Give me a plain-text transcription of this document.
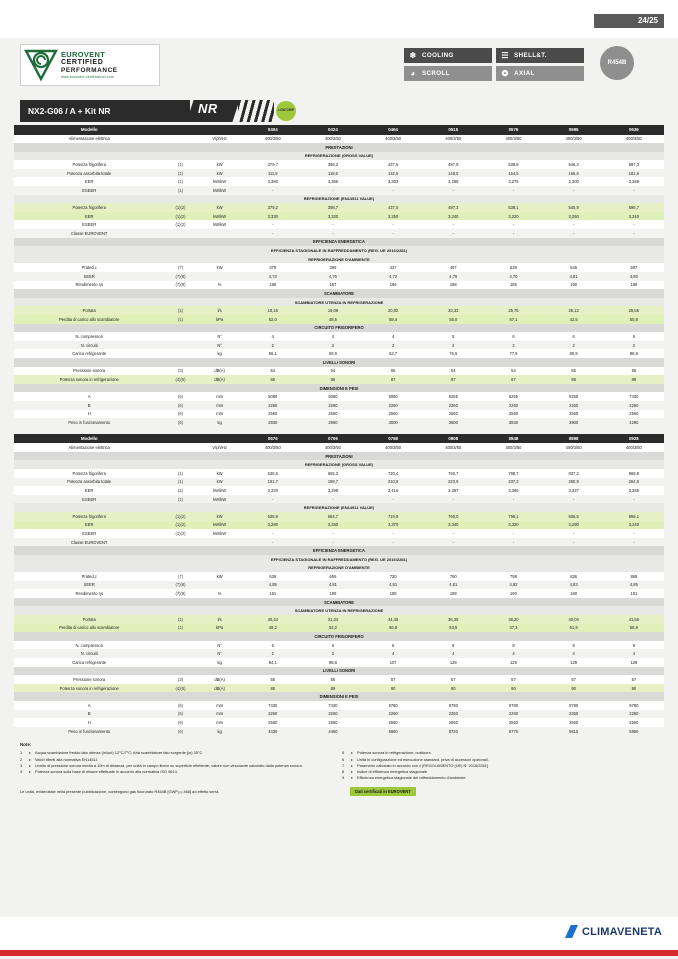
24/25
EUROVENT
CERTIFIED
PERFORMANCE
www.eurovent-certification.com
❄ COOLING
	☰ SHELL&T.

◕	SCROLL
	❂ AXIAL
R454B
NX2-G06 / A + Kit NR	NR	LOW GWP
Modello			0404	0424	0464	0515	0576	0585	0636
Alimentazione elettrica		V/ph/Hz	400/3/50	400/3/50	400/3/50	400/3/50	400/3/50	400/3/50	400/3/50
PRESTAZIONI									
REFRIGERAZIONE (GROSS VALUE)									
Potenza frigorifera	(1)	kW	379,7	399,2	437,6	487,8	538,8	546,4	597,3
Potenza assorbita totale	(1)	kW	111,9	118,6	132,5	148,5	164,5	165,6	181,6
EER	(1)	kW/kW	3,380	3,366	3,303	3,285	3,275	3,300	3,289
ESEER	(1)	kW/kW	-	-	-	-	-	-	-
REFRIGERAZIONE (EN14511 VALUE)									
Potenza frigorifera	(1)(2)	kW	379,2	398,7	437,0	487,3	538,1	545,9	596,7
EER	(1)(2)	kW/kW	3,330	3,320	3,250	3,240	3,220	3,260	3,240
ESEER	(1)(2)	kW/kW	-	-	-	-	-	-	-
Classe EUROVENT			-	-	-	-	-	-	-
EFFICIENZA ENERGETICA									
EFFICIENZA STAGIONALE IN RAFFREDDAMENTO (REG. UE 2016/2281)									
REFRIGERAZIONE D'AMBIENTE									
Prated,c	(7)	kW	379	399	437	487	538	546	597
SEER	(7)(8)		4,73	4,76	4,72	4,76	4,70	4,81	4,80
Rendimento ηs	(7)(9)	%	186	187	186	188	185	190	189
SCAMBIATORE									
SCAMBIATORE UTENZA IN REFRIGERAZIONE									
Portata	(1)	l/s	18,16	19,09	20,92	23,33	25,76	26,13	28,56
Perdita di carico allo scambiatore	(1)	kPa	62,0	48,6	58,4	55,0	67,1	42,5	50,8
CIRCUITO FRIGORIFERO									
N. compressori		N°	4	4	4	5	6	6	6
N. circuiti		N°	2	2	2	2	2	2	2
Carica refrigerante		kg	56,1	59,9	62,7	76,5	77,9	80,8	88,8
LIVELLI SONORI									
Pressione sonora	(3)	dB(A)	54	54	55	54	54	55	55
Potenza sonora in refrigerazione	(4)(5)	dB(A)	86	86	87	87	87	88	88
DIMENSIONI E PESI									
A	(6)	mm	5080	5080	5080	6255	6255	6255	7430
B	(6)	mm	2260	2260	2260	2260	2260	2260	2260
H	(6)	mm	2560	2560	2560	2560	2560	2560	2560
Peso in funzionamento	(6)	kg	2930	2960	3000	3600	3830	3900	4290
Modello			0676	0706	0768	0808	0848	0898	0928
Alimentazione elettrica		V/ph/Hz	400/3/50	400/3/50	400/3/50	400/3/50	400/3/50	400/3/50	400/3/50
PRESTAZIONI									
REFRIGERAZIONE (GROSS VALUE)									
Potenza frigorifera	(1)	kW	636,5	655,3	720,4	760,7	798,7	837,2	869,8
Potenza assorbita totale	(1)	kW	191,7	198,7	210,9	223,9	237,3	250,9	264,5
EER	(1)	kW/kW	3,320	3,298	3,416	3,397	3,366	3,337	3,285
ESEER	(1)	kW/kW	-	-	-	-	-	-	-
REFRIGERAZIONE (EN14511 VALUE)									
Potenza frigorifera	(1)(2)	kW	635,9	654,7	719,8	760,0	798,1	836,5	868,1
EER	(1)(2)	kW/kW	3,280	3,250	3,370	3,340	3,320	3,290	3,240
ESEER	(1)(2)	kW/kW	-	-	-	-	-	-	-
Classe EUROVENT			-	-	-	-	-	-	-
EFFICIENZA ENERGETICA									
EFFICIENZA STAGIONALE IN RAFFREDDAMENTO (REG. UE 2016/2281)									
REFRIGERAZIONE D'AMBIENTE									
Prated,c	(7)	kW	636	655	720	760	798	836	868
SEER	(7)(8)		4,85	4,81	4,81	4,81	4,82	4,83	4,85
Rendimento ηs	(7)(9)	%	191	189	188	189	190	190	191
SCAMBIATORE									
SCAMBIATORE UTENZA IN REFRIGERAZIONE									
Portata	(1)	l/s	30,44	31,34	34,45	36,38	38,20	40,04	41,55
Perdita di carico allo scambiatore	(1)	kPa	49,2	52,2	56,9	63,5	47,3	51,9	55,9
CIRCUITO FRIGORIFERO									
N. compressori		N°	6	6	6	8	8	8	8
N. circuiti		N°	2	2	4	4	4	4	4
Carica refrigerante		kg	94,1	98,8	107	129	129	129	129
LIVELLI SONORI									
Pressione sonora	(3)	dB(A)	55	56	57	57	57	57	57
Potenza sonora in refrigerazione	(4)(5)	dB(A)	88	89	90	90	90	90	90
DIMENSIONI E PESI									
A	(6)	mm	7430	7430	9780	9780	9780	9780	9780
B	(6)	mm	2260	2260	2260	2260	2260	2260	2260
H	(6)	mm	2560	2560	2560	2560	2560	2560	2560
Peso in funzionamento	(6)	kg	4430	4450	5660	5720	5770	5810	5850
Note:
1	▸	Acqua scambiatore freddo lato utenza (in/out) 12°C/7°C; Aria scambiatore lato sorgente (in) 35°C.
2	▸	Valori riferiti alla normativa EN14511
3	▸	Livello di pressione sonora media a 10m di distanza, per unità in campo libero su superficie riflettente; valore non vincolante calcolato dalla potenza sonora.
4	▸	Potenza sonora sulla base di misure effettuate in accordo alla normativa ISO 9614.
5	▸	Potenza sonora in refrigerazione, outdoors.
6	▸	Unità in configurazione ed esecuzione standard, priva di accessori opzionali.
7	▸	Parametro calcolato in accordo con il (REGOLAMENTO (UE) N. 2016/2281]
8	▸	Indice di efficienza energetica stagionale
9	▸	Efficienza energetica stagionale del raffreddamento d'ambiente
Le unità, evidenziate nella presente pubblicazione, contengono gas fluorurato R454B [GWP₁₀₀ 468] ad effetto serra.	Dati certificati in EUROVENT
CLIMAVENETA
